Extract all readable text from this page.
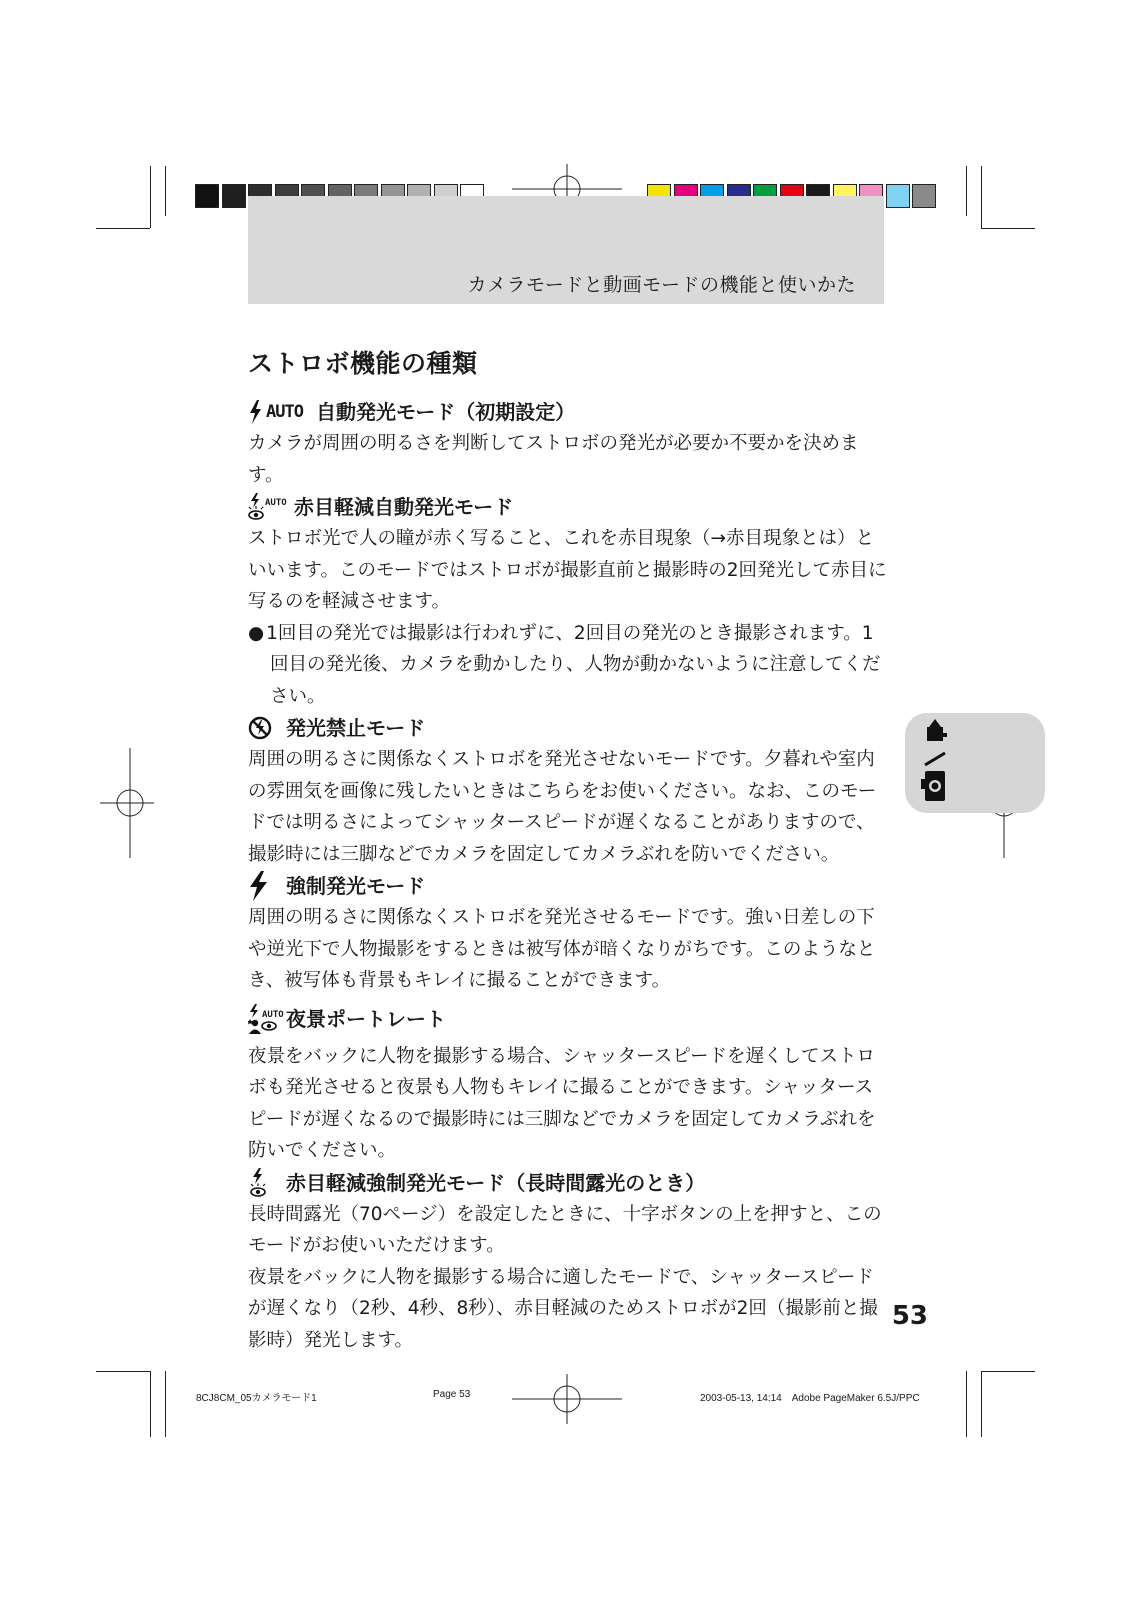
カメラモードと動画モードの機能と使いかた
ストロボ機能の種類
AUTO 自動発光モード（初期設定）
カメラが周囲の明るさを判断してストロボの発光が必要か不要かを決めます。
AUTO 赤目軽減自動発光モード
ストロボ光で人の瞳が赤く写ること、これを赤目現象（→赤目現象とは）といいます。このモードではストロボが撮影直前と撮影時の2回発光して赤目に写るのを軽減させます。
● 1回目の発光では撮影は行われずに、2回目の発光のとき撮影されます。1回目の発光後、カメラを動かしたり、人物が動かないように注意してください。
発光禁止モード
周囲の明るさに関係なくストロボを発光させないモードです。夕暮れや室内の雰囲気を画像に残したいときはこちらをお使いください。なお、このモードでは明るさによってシャッタースピードが遅くなることがありますので、撮影時には三脚などでカメラを固定してカメラぶれを防いでください。
強制発光モード
周囲の明るさに関係なくストロボを発光させるモードです。強い日差しの下や逆光下で人物撮影をするときは被写体が暗くなりがちです。このようなとき、被写体も背景もキレイに撮ることができます。
AUTO 夜景ポートレート
夜景をバックに人物を撮影する場合、シャッタースピードを遅くしてストロボも発光させると夜景も人物もキレイに撮ることができます。シャッタースピードが遅くなるので撮影時には三脚などでカメラを固定してカメラぶれを防いでください。
赤目軽減強制発光モード（長時間露光のとき）
長時間露光（70ページ）を設定したときに、十字ボタンの上を押すと、このモードがお使いいただけます。
夜景をバックに人物を撮影する場合に適したモードで、シャッタースピードが遅くなり（2秒、4秒、8秒）、赤目軽減のためストロボが2回（撮影前と撮影時）発光します。
53
8CJ8CM_05カメラモード1	Page 53	2003-05-13, 14:14　Adobe PageMaker 6.5J/PPC
